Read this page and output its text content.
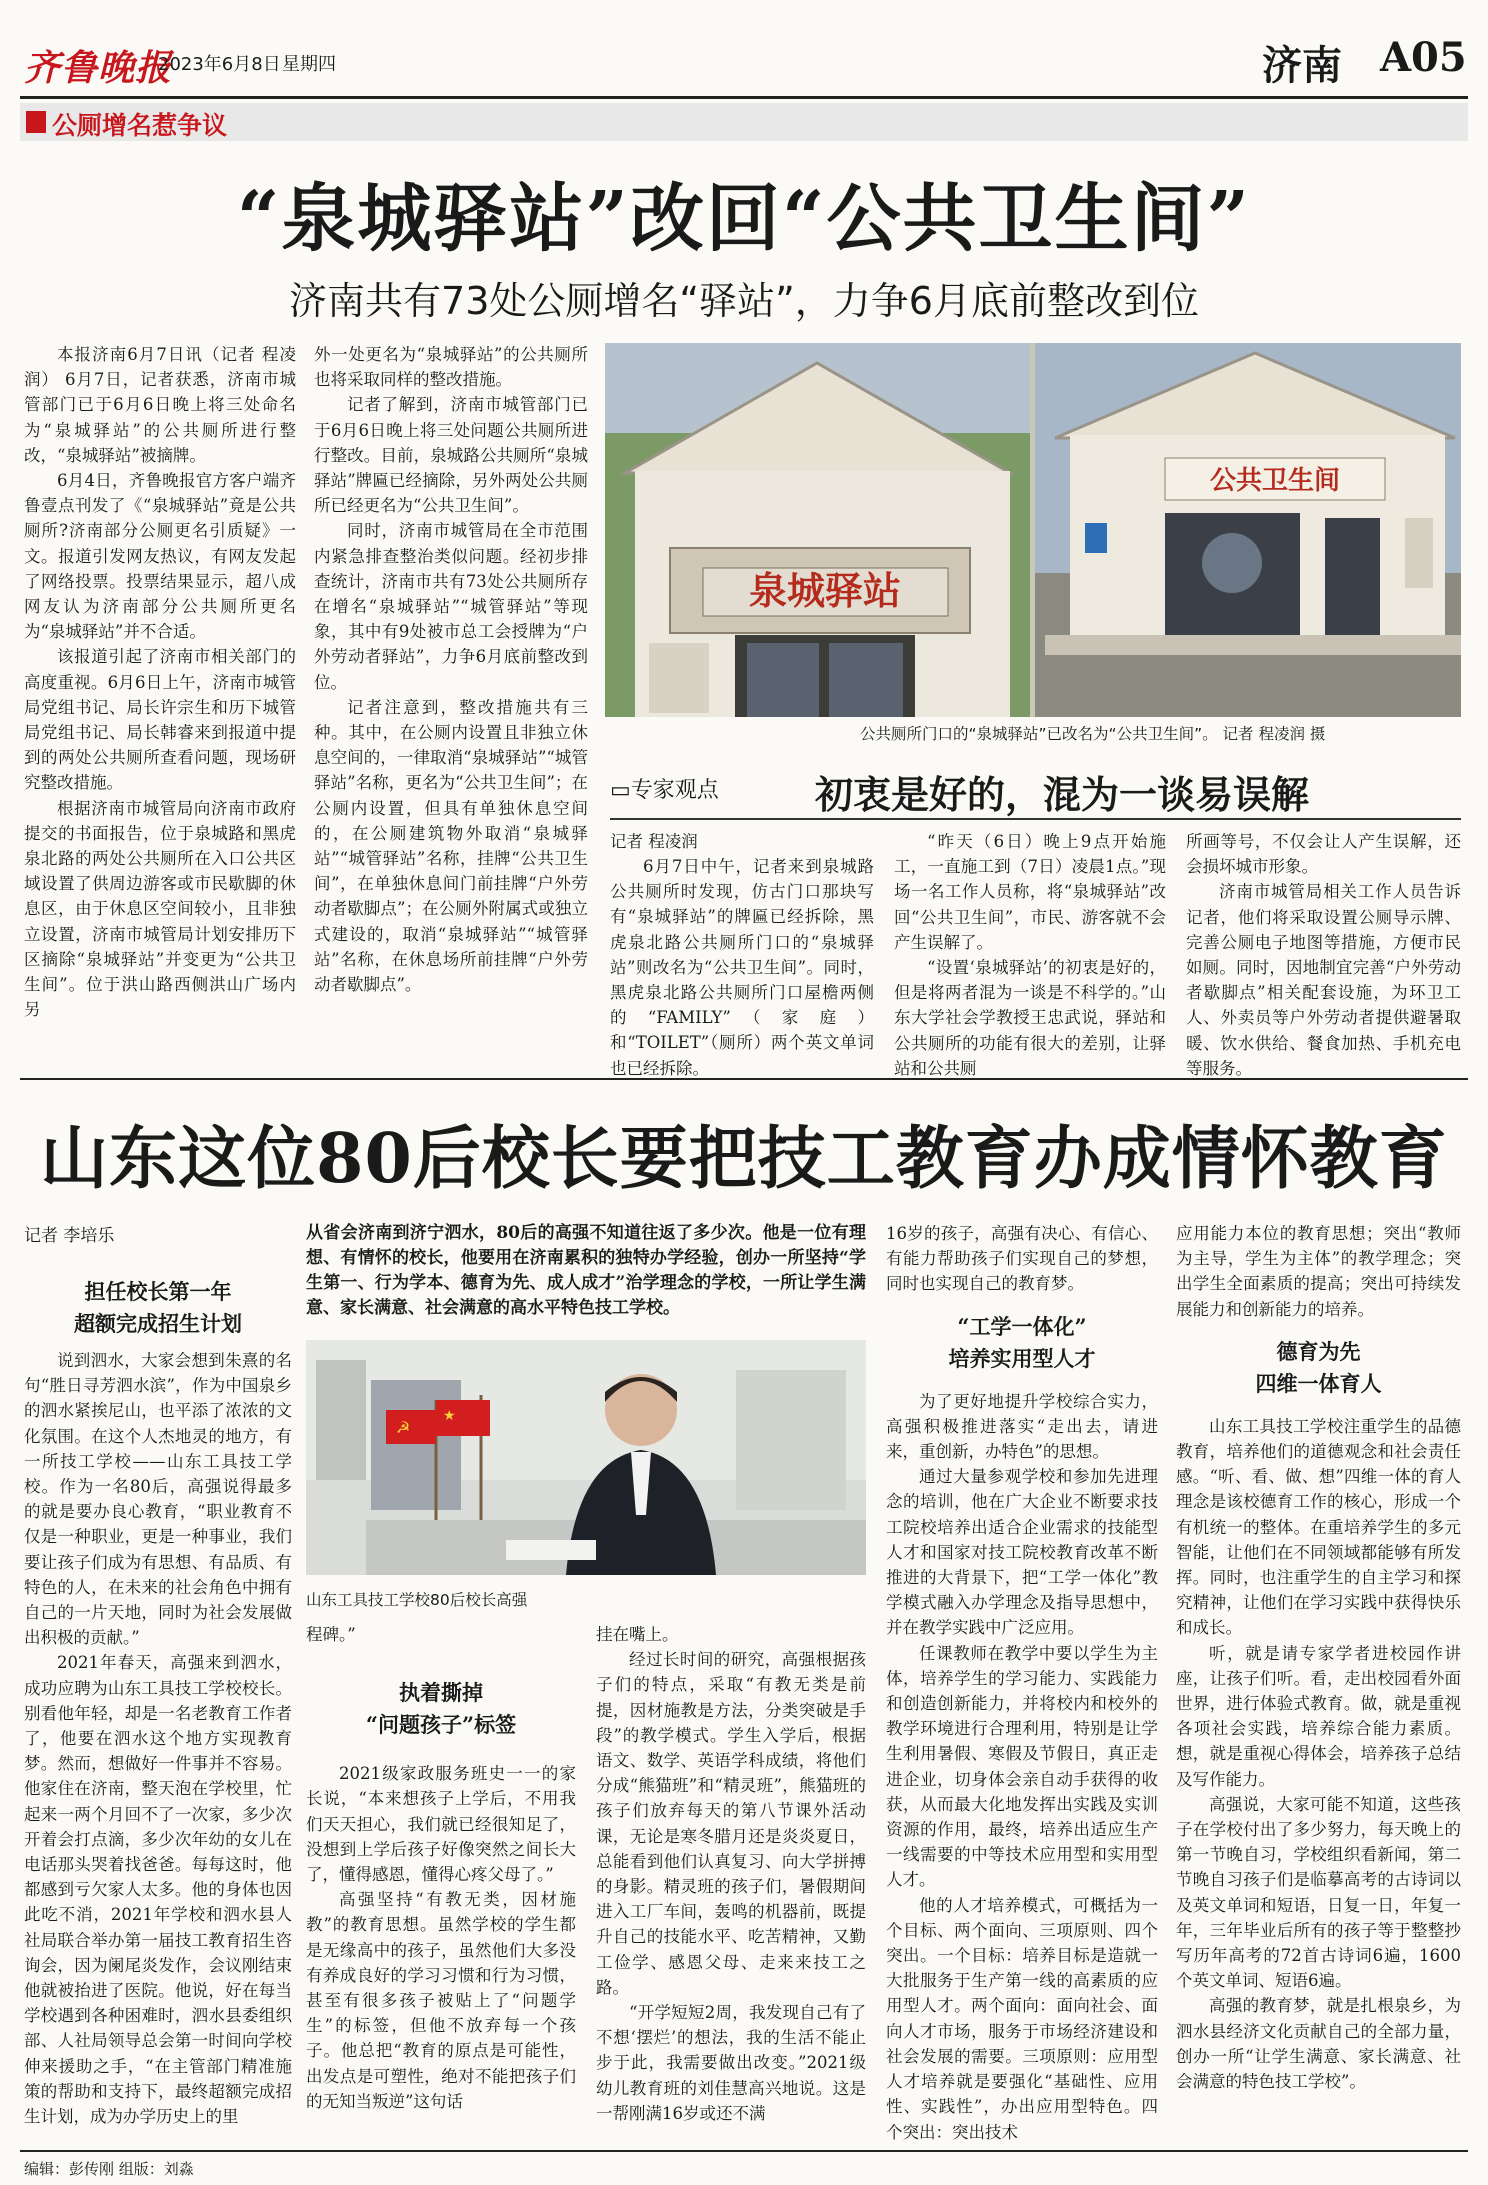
齐鲁晚报
2023年6月8日 星期四	济南 A05
公厕增名惹争议
“泉城驿站”改回“公共卫生间”
济南共有73处公厕增名“驿站”，力争6月底前整改到位

本报济南6月7日讯（记者 程凌润） 6月7日，记者获悉，济南市城管部门已于6月6日晚上将三处命名为“泉城驿站”的公共厕所进行整改，“泉城驿站”被摘牌。

6月4日，齐鲁晚报官方客户端齐鲁壹点刊发了《“泉城驿站”竟是公共厕所?济南部分公厕更名引质疑》一文。报道引发网友热议，有网友发起了网络投票。投票结果显示，超八成网友认为济南部分公共厕所更名为“泉城驿站”并不合适。

该报道引起了济南市相关部门的高度重视。6月6日上午，济南市城管局党组书记、局长许宗生和历下城管局党组书记、局长韩睿来到报道中提到的两处公共厕所查看问题，现场研究整改措施。

根据济南市城管局向济南市政府提交的书面报告，位于泉城路和黑虎泉北路的两处公共厕所在入口公共区域设置了供周边游客或市民歇脚的休息区，由于休息区空间较小，且非独立设置，济南市城管局计划安排历下区摘除“泉城驿站”并变更为“公共卫生间”。位于洪山路西侧洪山广场内另

外一处更名为“泉城驿站”的公共厕所也将采取同样的整改措施。

记者了解到，济南市城管部门已于6月6日晚上将三处问题公共厕所进行整改。目前，泉城路公共厕所“泉城驿站”牌匾已经摘除，另外两处公共厕所已经更名为“公共卫生间”。

同时，济南市城管局在全市范围内紧急排查整治类似问题。经初步排查统计，济南市共有73处公共厕所存在增名“泉城驿站”“城管驿站”等现象，其中有9处被市总工会授牌为“户外劳动者驿站”，力争6月底前整改到位。

记者注意到，整改措施共有三种。其中，在公厕内设置且非独立休息空间的，一律取消“泉城驿站”“城管驿站”名称，更名为“公共卫生间”；在公厕内设置，但具有单独休息空间的，在公厕建筑物外取消“泉城驿站”“城管驿站”名称，挂牌“公共卫生间”，在单独休息间门前挂牌“户外劳动者歇脚点”；在公厕外附属式或独立式建设的，取消“泉城驿站”“城管驿站”名称，在休息场所前挂牌“户外劳动者歇脚点”。

泉城驿站
公共卫生间
公共厕所门口的“泉城驿站”已改名为“公共卫生间”。 记者 程凌润 摄
▭专家观点	初衷是好的，混为一谈易误解
记者 程凌润

6月7日中午，记者来到泉城路公共厕所时发现，仿古门口那块写有“泉城驿站”的牌匾已经拆除，黑虎泉北路公共厕所门口的“泉城驿站”则改名为“公共卫生间”。同时，黑虎泉北路公共厕所门口屋檐两侧的“FAMILY”（家庭）和“TOILET”（厕所）两个英文单词也已经拆除。

“昨天（6日）晚上9点开始施工，一直施工到（7日）凌晨1点。”现场一名工作人员称，将“泉城驿站”改回“公共卫生间”，市民、游客就不会产生误解了。

“设置‘泉城驿站’的初衷是好的，但是将两者混为一谈是不科学的。”山东大学社会学教授王忠武说，驿站和公共厕所的功能有很大的差别，让驿站和公共厕

所画等号，不仅会让人产生误解，还会损坏城市形象。

济南市城管局相关工作人员告诉记者，他们将采取设置公厕导示牌、完善公厕电子地图等措施，方便市民如厕。同时，因地制宜完善“户外劳动者歇脚点”相关配套设施，为环卫工人、外卖员等户外劳动者提供避暑取暖、饮水供给、餐食加热、手机充电等服务。

山东这位80后校长要把技工教育办成情怀教育
记者 李培乐
担任校长第一年
超额完成招生计划

说到泗水，大家会想到朱熹的名句“胜日寻芳泗水滨”，作为中国泉乡的泗水紧挨尼山，也平添了浓浓的文化氛围。在这个人杰地灵的地方，有一所技工学校——山东工具技工学校。作为一名80后，高强说得最多的就是要办良心教育，“职业教育不仅是一种职业，更是一种事业，我们要让孩子们成为有思想、有品质、有特色的人，在未来的社会角色中拥有自己的一片天地，同时为社会发展做出积极的贡献。”

2021年春天，高强来到泗水，成功应聘为山东工具技工学校校长。别看他年轻，却是一名老教育工作者了，他要在泗水这个地方实现教育梦。然而，想做好一件事并不容易。他家住在济南，整天泡在学校里，忙起来一两个月回不了一次家，多少次开着会打点滴，多少次年幼的女儿在电话那头哭着找爸爸。每每这时，他都感到亏欠家人太多。他的身体也因此吃不消，2021年学校和泗水县人社局联合举办第一届技工教育招生咨询会，因为阑尾炎发作，会议刚结束他就被抬进了医院。他说，好在每当学校遇到各种困难时，泗水县委组织部、人社局领导总会第一时间向学校伸来援助之手，“在主管部门精准施策的帮助和支持下，最终超额完成招生计划，成为办学历史上的里

从省会济南到济宁泗水，80后的高强不知道往返了多少次。他是一位有理想、有情怀的校长，他要用在济南累积的独特办学经验，创办一所坚持“学生第一、行为学本、德育为先、成人成才”治学理念的学校，一所让学生满意、家长满意、社会满意的高水平特色技工学校。
☭
★
山东工具技工学校80后校长高强

程碑。”

执着撕掉
“问题孩子”标签

2021级家政服务班史一一的家长说，“本来想孩子上学后，不用我们天天担心，我们就已经很知足了，没想到上学后孩子好像突然之间长大了，懂得感恩，懂得心疼父母了。”

高强坚持“有教无类，因材施教”的教育思想。虽然学校的学生都是无缘高中的孩子，虽然他们大多没有养成良好的学习习惯和行为习惯，甚至有很多孩子被贴上了“问题学生”的标签，但他不放弃每一个孩子。他总把“教育的原点是可能性，出发点是可塑性，绝对不能把孩子们的无知当叛逆”这句话

挂在嘴上。

经过长时间的研究，高强根据孩子们的特点，采取“有教无类是前提，因材施教是方法，分类突破是手段”的教学模式。学生入学后，根据语文、数学、英语学科成绩，将他们分成“熊猫班”和“精灵班”，熊猫班的孩子们放弃每天的第八节课外活动课，无论是寒冬腊月还是炎炎夏日，总能看到他们认真复习、向大学拼搏的身影。精灵班的孩子们，暑假期间进入工厂车间，轰鸣的机器前，既提升自己的技能水平、吃苦精神，又勤工俭学、感恩父母、走来来技工之路。

“开学短短2周，我发现自己有了不想‘摆烂’的想法，我的生活不能止步于此，我需要做出改变。”2021级幼儿教育班的刘佳慧高兴地说。这是一帮刚满16岁或还不满

16岁的孩子，高强有决心、有信心、有能力帮助孩子们实现自己的梦想，同时也实现自己的教育梦。

“工学一体化”
培养实用型人才

为了更好地提升学校综合实力，高强积极推进落实“走出去，请进来，重创新，办特色”的思想。

通过大量参观学校和参加先进理念的培训，他在广大企业不断要求技工院校培养出适合企业需求的技能型人才和国家对技工院校教育改革不断推进的大背景下，把“工学一体化”教学模式融入办学理念及指导思想中，并在教学实践中广泛应用。

任课教师在教学中要以学生为主体，培养学生的学习能力、实践能力和创造创新能力，并将校内和校外的教学环境进行合理利用，特别是让学生利用暑假、寒假及节假日，真正走进企业，切身体会亲自动手获得的收获，从而最大化地发挥出实践及实训资源的作用，最终，培养出适应生产一线需要的中等技术应用型和实用型人才。

他的人才培养模式，可概括为一个目标、两个面向、三项原则、四个突出。一个目标：培养目标是造就一大批服务于生产第一线的高素质的应用型人才。两个面向：面向社会、面向人才市场，服务于市场经济建设和社会发展的需要。三项原则：应用型人才培养就是要强化“基础性、应用性、实践性”，办出应用型特色。四个突出：突出技术

应用能力本位的教育思想；突出“教师为主导，学生为主体”的教学理念；突出学生全面素质的提高；突出可持续发展能力和创新能力的培养。

德育为先
四维一体育人

山东工具技工学校注重学生的品德教育，培养他们的道德观念和社会责任感。“听、看、做、想”四维一体的育人理念是该校德育工作的核心，形成一个有机统一的整体。在重培养学生的多元智能，让他们在不同领域都能够有所发挥。同时，也注重学生的自主学习和探究精神，让他们在学习实践中获得快乐和成长。

听，就是请专家学者进校园作讲座，让孩子们听。看，走出校园看外面世界，进行体验式教育。做，就是重视各项社会实践，培养综合能力素质。想，就是重视心得体会，培养孩子总结及写作能力。

高强说，大家可能不知道，这些孩子在学校付出了多少努力，每天晚上的第一节晚自习，学校组织看新闻，第二节晚自习孩子们是临摹高考的古诗词以及英文单词和短语，日复一日，年复一年，三年毕业后所有的孩子等于整整抄写历年高考的72首古诗词6遍，1600个英文单词、短语6遍。

高强的教育梦，就是扎根泉乡，为泗水县经济文化贡献自己的全部力量，创办一所“让学生满意、家长满意、社会满意的特色技工学校”。

编辑：彭传刚 组版：刘淼
